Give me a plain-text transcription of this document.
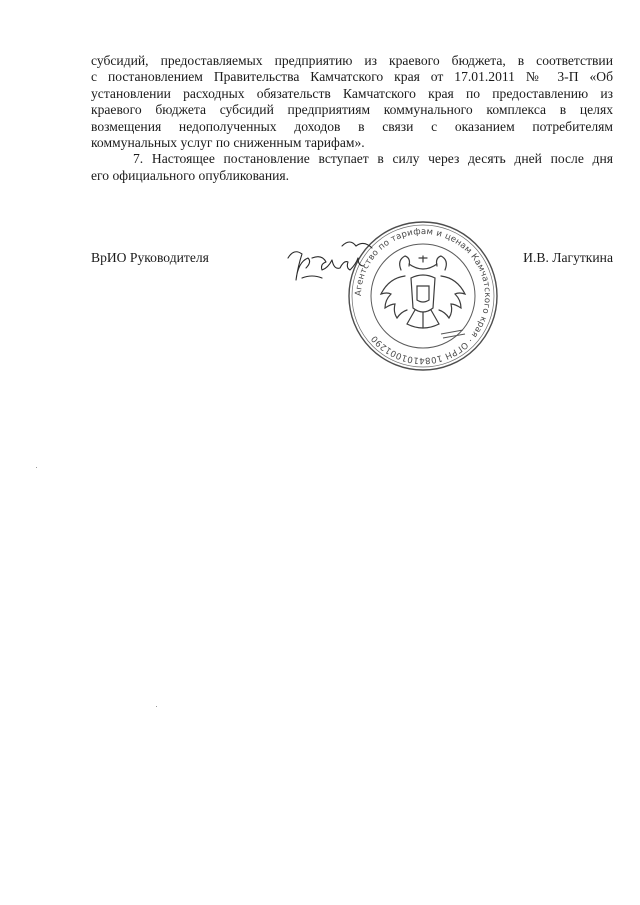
субсидий, предоставляемых предприятию из краевого бюджета, в соответствии
с постановлением Правительства Камчатского края от 17.01.2011 № 3-П «Об
установлении расходных обязательств Камчатского края по предоставлению из
краевого бюджета субсидий предприятиям коммунального комплекса в целях
возмещения недополученных доходов в связи с оказанием потребителям
коммунальных услуг по сниженным тарифам».
7. Настоящее постановление вступает в силу через десять дней после дня
его официального опубликования.
ВрИО Руководителя	И.В. Лагуткина
Агентство по тарифам и ценам Камчатского края · ОГРН 1084101001290
